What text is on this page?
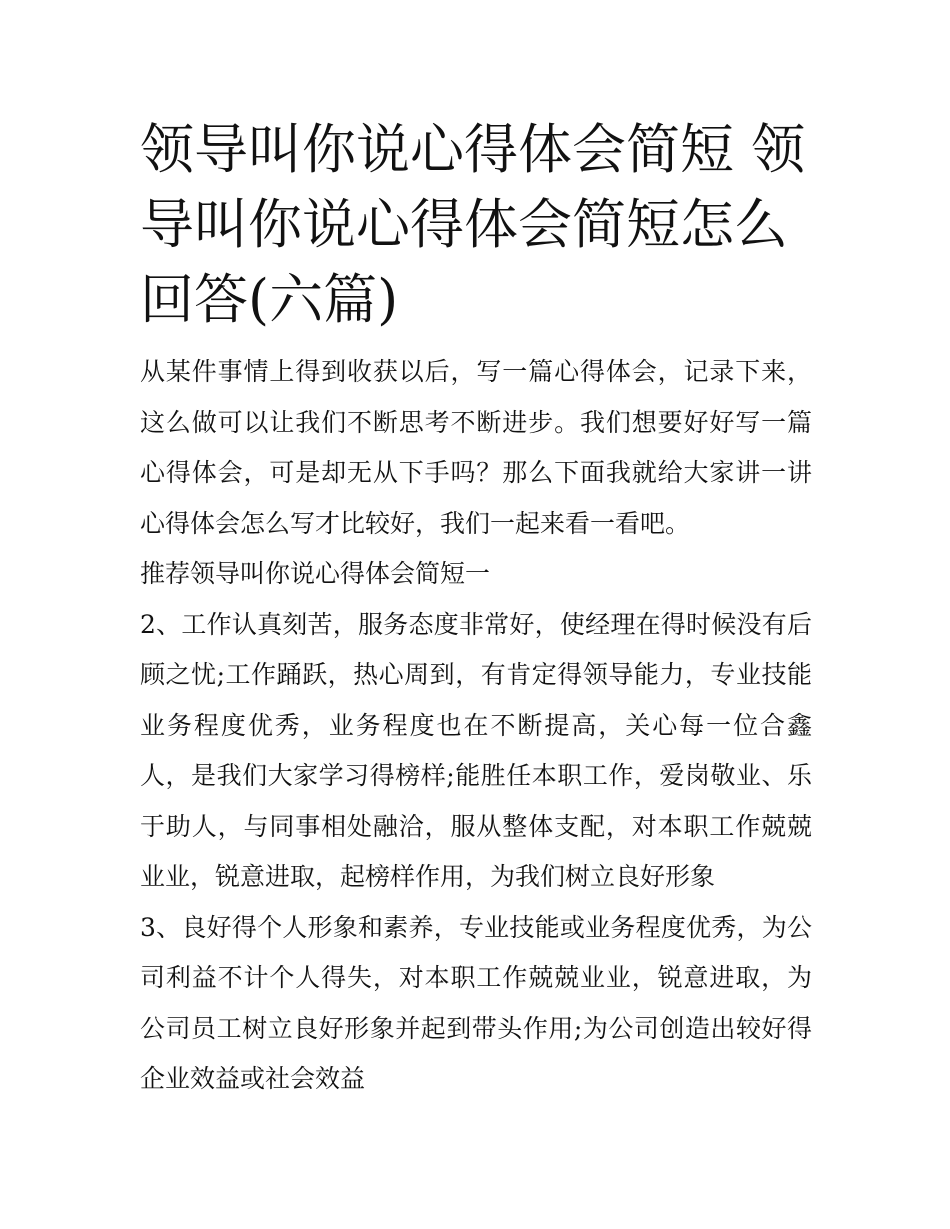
领导叫你说心得体会简短 领导叫你说心得体会简短怎么回答(六篇)

从某件事情上得到收获以后，写一篇心得体会，记录下来，这么做可以让我们不断思考不断进步。我们想要好好写一篇心得体会，可是却无从下手吗？那么下面我就给大家讲一讲心得体会怎么写才比较好，我们一起来看一看吧。

推荐领导叫你说心得体会简短一

2、工作认真刻苦，服务态度非常好，使经理在得时候没有后顾之忧;工作踊跃，热心周到，有肯定得领导能力，专业技能业务程度优秀，业务程度也在不断提高，关心每一位合鑫人，是我们大家学习得榜样;能胜任本职工作，爱岗敬业、乐于助人，与同事相处融洽，服从整体支配，对本职工作兢兢业业，锐意进取，起榜样作用，为我们树立良好形象

3、良好得个人形象和素养，专业技能或业务程度优秀，为公司利益不计个人得失，对本职工作兢兢业业，锐意进取，为公司员工树立良好形象并起到带头作用;为公司创造出较好得企业效益或社会效益
